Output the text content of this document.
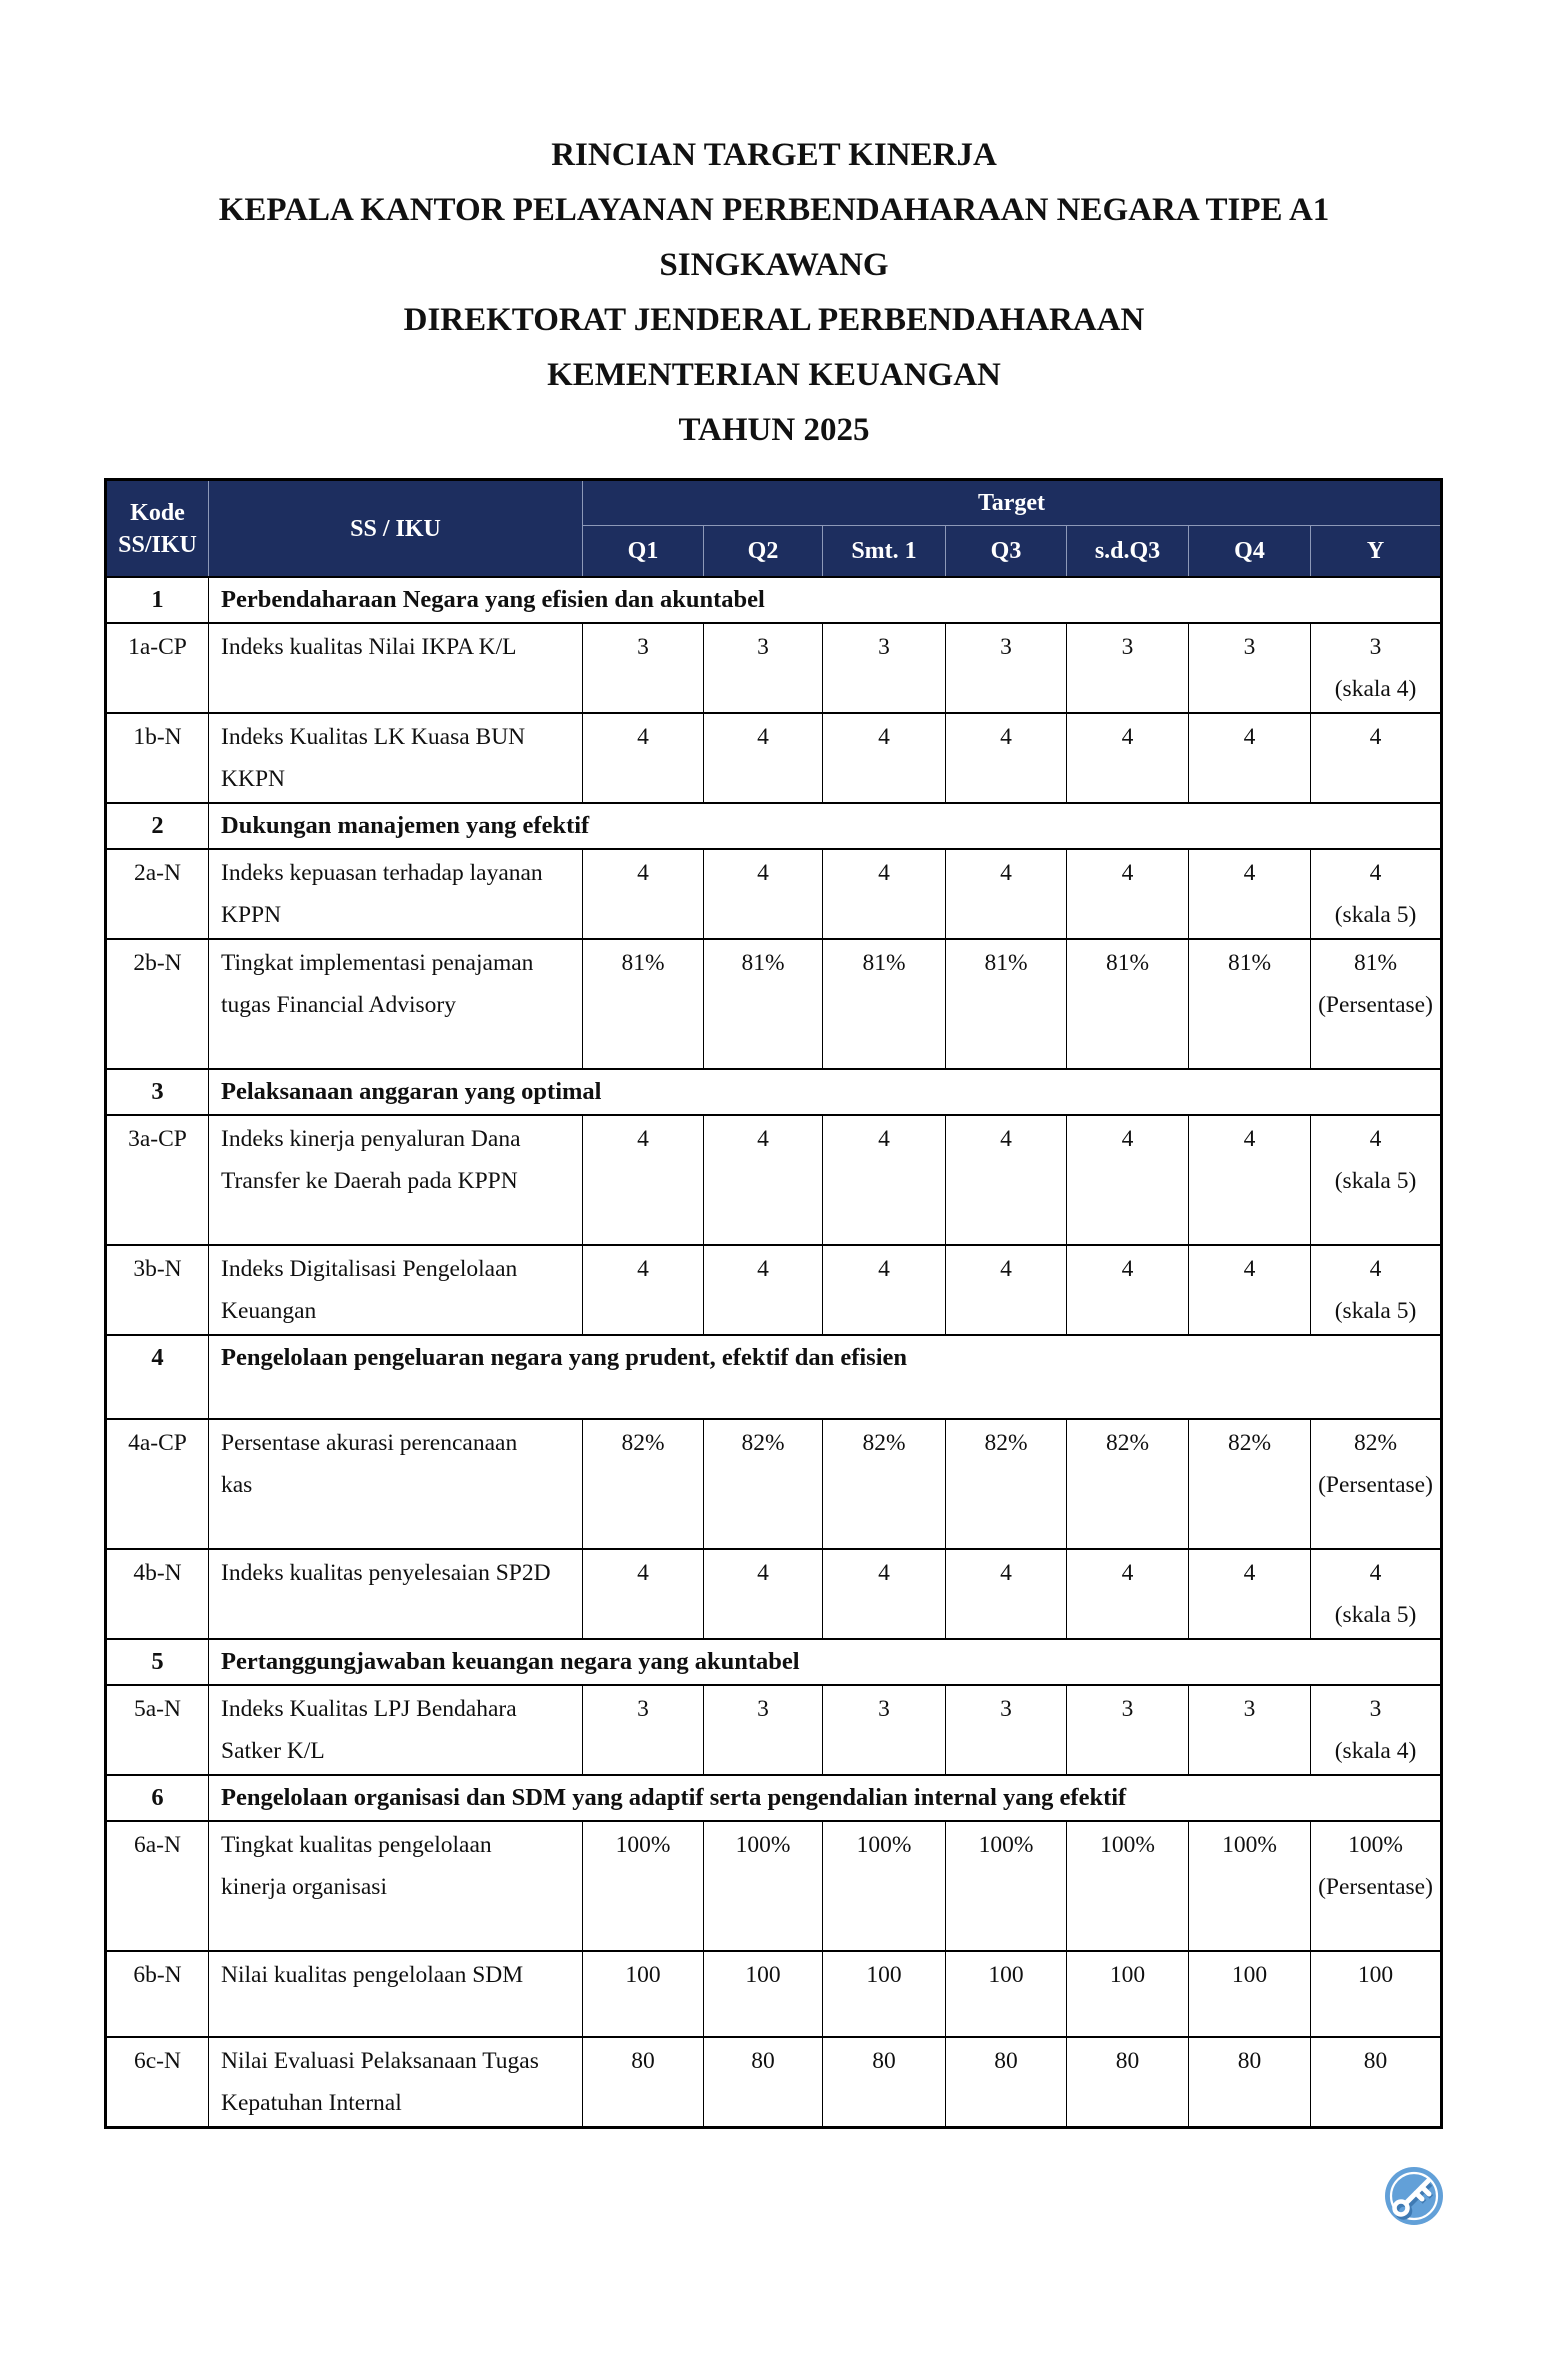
RINCIAN TARGET KINERJA
KEPALA KANTOR PELAYANAN PERBENDAHARAAN NEGARA TIPE A1
SINGKAWANG
DIREKTORAT JENDERAL PERBENDAHARAAN
KEMENTERIAN KEUANGAN
TAHUN 2025
Kode SS/IKU	SS / IKU	Target						
		Q1	Q2	Smt. 1	Q3	s.d.Q3	Q4	Y
1	Perbendaharaan Negara yang efisien dan akuntabel							
1a-CP	Indeks kualitas Nilai IKPA K/L	3	3	3	3	3	3	3
(skala 4)

1b-N	Indeks Kualitas LK Kuasa BUN KKPN	4	4	4	4	4	4	4

2	Dukungan manajemen yang efektif							
2a-N	Indeks kepuasan terhadap layanan KPPN	4	4	4	4	4	4	4
(skala 5)

2b-N	Tingkat implementasi penajaman tugas Financial Advisory	81%	81%	81%	81%	81%	81%	81%
(Persentase)

3	Pelaksanaan anggaran yang optimal							
3a-CP	Indeks kinerja penyaluran Dana Transfer ke Daerah pada KPPN	4	4	4	4	4	4	4
(skala 5)

3b-N	Indeks Digitalisasi Pengelolaan Keuangan	4	4	4	4	4	4	4
(skala 5)

4	Pengelolaan pengeluaran negara yang prudent, efektif dan efisien							
4a-CP	Persentase akurasi perencanaan kas	82%	82%	82%	82%	82%	82%	82%
(Persentase)

4b-N	Indeks kualitas penyelesaian SP2D	4	4	4	4	4	4	4
(skala 5)

5	Pertanggungjawaban keuangan negara yang akuntabel							
5a-N	Indeks Kualitas LPJ Bendahara Satker K/L	3	3	3	3	3	3	3
(skala 4)

6	Pengelolaan organisasi dan SDM yang adaptif serta pengendalian internal yang efektif							
6a-N	Tingkat kualitas pengelolaan kinerja organisasi	100%	100%	100%	100%	100%	100%	100%
(Persentase)

6b-N	Nilai kualitas pengelolaan SDM	100	100	100	100	100	100	100

6c-N	Nilai Evaluasi Pelaksanaan Tugas Kepatuhan Internal	80	80	80	80	80	80	80
